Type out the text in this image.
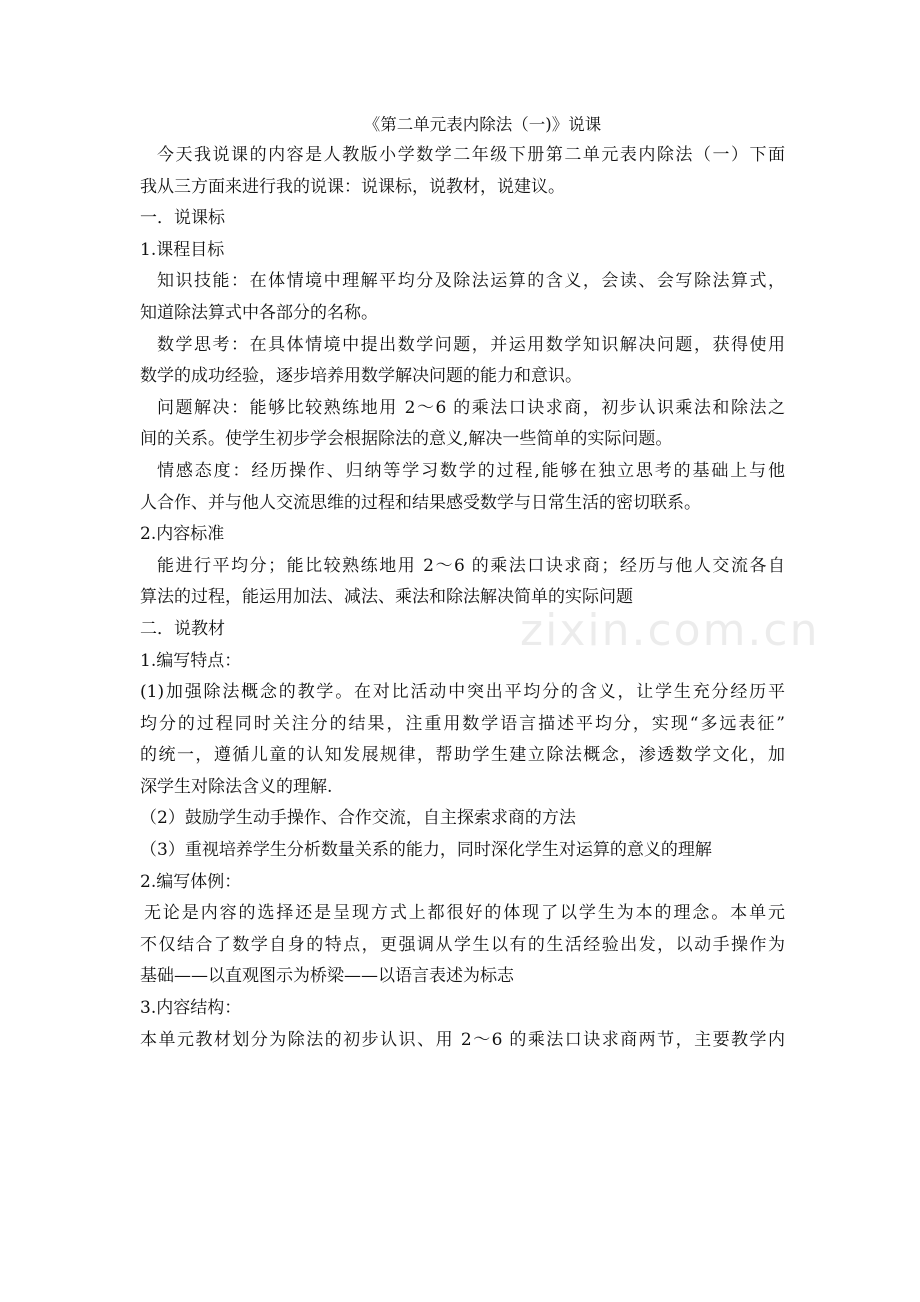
zixin.com.cn
《第二单元表内除法（一)》说课
今天我说课的内容是人教版小学数学二年级下册第二单元表内除法（一）下面
我从三方面来进行我的说课：说课标，说教材，说建议。
一．说课标
1.课程目标
知识技能：在体情境中理解平均分及除法运算的含义，会读、会写除法算式，
知道除法算式中各部分的名称。
数学思考：在具体情境中提出数学问题，并运用数学知识解决问题，获得使用
数学的成功经验，逐步培养用数学解决问题的能力和意识。
问题解决：能够比较熟练地用 2～6 的乘法口诀求商，初步认识乘法和除法之
间的关系。使学生初步学会根据除法的意义,解决一些简单的实际问题。
情感态度：经历操作、归纳等学习数学的过程,能够在独立思考的基础上与他
人合作、并与他人交流思维的过程和结果感受数学与日常生活的密切联系。
2.内容标准
能进行平均分；能比较熟练地用 2～6 的乘法口诀求商；经历与他人交流各自
算法的过程，能运用加法、减法、乘法和除法解决简单的实际问题
二．说教材
1.编写特点：
(1)加强除法概念的教学。在对比活动中突出平均分的含义，让学生充分经历平
均分的过程同时关注分的结果，注重用数学语言描述平均分，实现“多远表征”
的统一，遵循儿童的认知发展规律，帮助学生建立除法概念，渗透数学文化，加
深学生对除法含义的理解.
（2）鼓励学生动手操作、合作交流，自主探索求商的方法
（3）重视培养学生分析数量关系的能力，同时深化学生对运算的意义的理解
2.编写体例：
无论是内容的选择还是呈现方式上都很好的体现了以学生为本的理念。本单元
不仅结合了数学自身的特点，更强调从学生以有的生活经验出发，以动手操作为
基础——以直观图示为桥梁——以语言表述为标志
3.内容结构：
本单元教材划分为除法的初步认识、用 2～6 的乘法口诀求商两节，主要教学内
